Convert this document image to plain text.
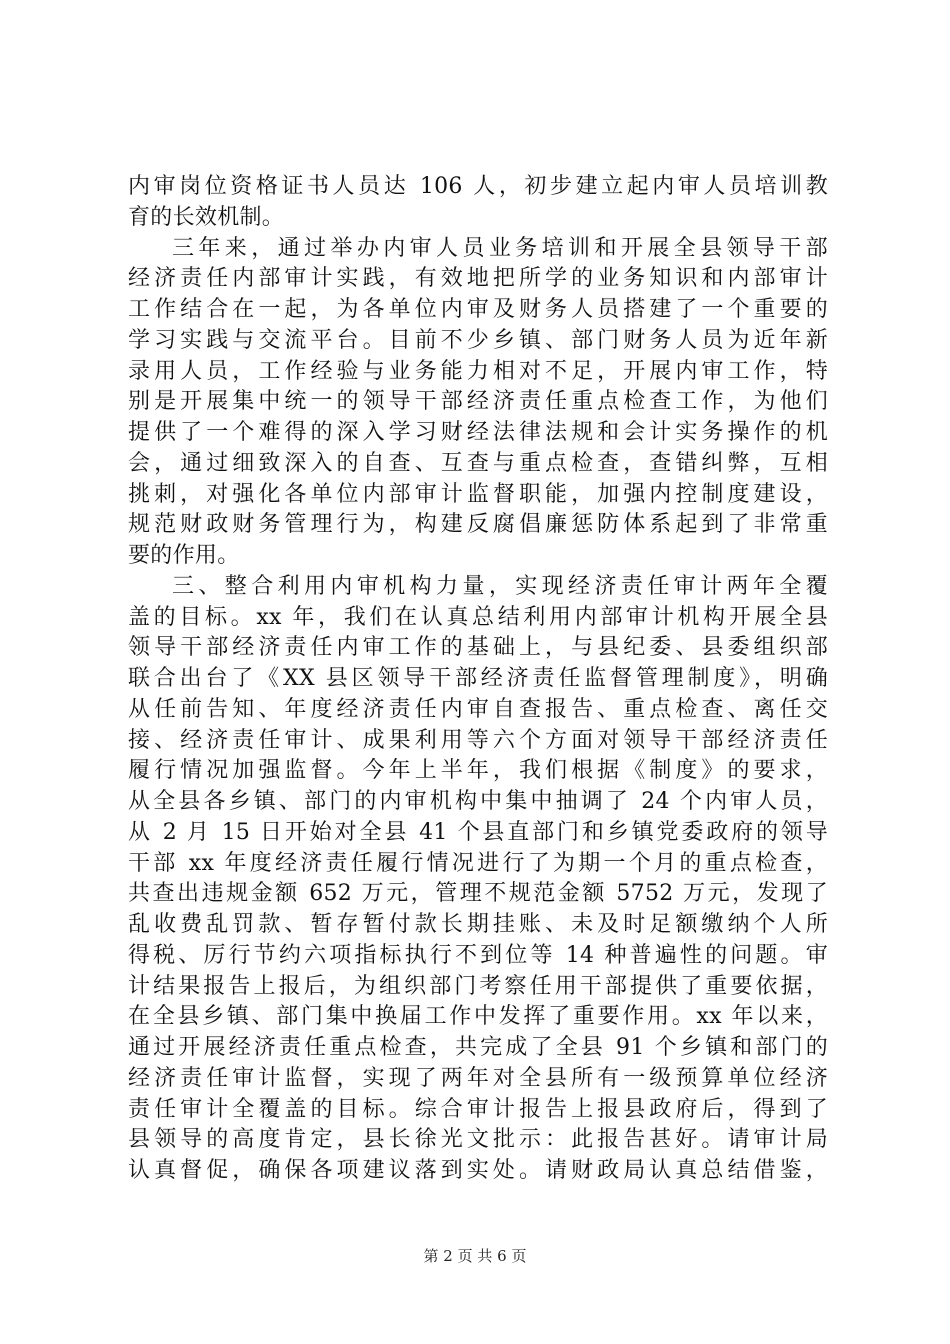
内审岗位资格证书人员达 106 人，初步建立起内审人员培训教
育的长效机制。
三年来，通过举办内审人员业务培训和开展全县领导干部
经济责任内部审计实践，有效地把所学的业务知识和内部审计
工作结合在一起，为各单位内审及财务人员搭建了一个重要的
学习实践与交流平台。目前不少乡镇、部门财务人员为近年新
录用人员，工作经验与业务能力相对不足，开展内审工作，特
别是开展集中统一的领导干部经济责任重点检查工作，为他们
提供了一个难得的深入学习财经法律法规和会计实务操作的机
会，通过细致深入的自查、互查与重点检查，查错纠弊，互相
挑刺，对强化各单位内部审计监督职能，加强内控制度建设，
规范财政财务管理行为，构建反腐倡廉惩防体系起到了非常重
要的作用。
三、整合利用内审机构力量，实现经济责任审计两年全覆
盖的目标。xx 年，我们在认真总结利用内部审计机构开展全县
领导干部经济责任内审工作的基础上，与县纪委、县委组织部
联合出台了《XX 县区领导干部经济责任监督管理制度》，明确
从任前告知、年度经济责任内审自查报告、重点检查、离任交
接、经济责任审计、成果利用等六个方面对领导干部经济责任
履行情况加强监督。今年上半年，我们根据《制度》的要求，
从全县各乡镇、部门的内审机构中集中抽调了 24 个内审人员，
从 2 月 15 日开始对全县 41 个县直部门和乡镇党委政府的领导
干部 xx 年度经济责任履行情况进行了为期一个月的重点检查，
共查出违规金额 652 万元，管理不规范金额 5752 万元，发现了
乱收费乱罚款、暂存暂付款长期挂账、未及时足额缴纳个人所
得税、厉行节约六项指标执行不到位等 14 种普遍性的问题。审
计结果报告上报后，为组织部门考察任用干部提供了重要依据，
在全县乡镇、部门集中换届工作中发挥了重要作用。xx 年以来，
通过开展经济责任重点检查，共完成了全县 91 个乡镇和部门的
经济责任审计监督，实现了两年对全县所有一级预算单位经济
责任审计全覆盖的目标。综合审计报告上报县政府后，得到了
县领导的高度肯定，县长徐光文批示：此报告甚好。请审计局
认真督促，确保各项建议落到实处。请财政局认真总结借鉴，
第 2 页 共 6 页
